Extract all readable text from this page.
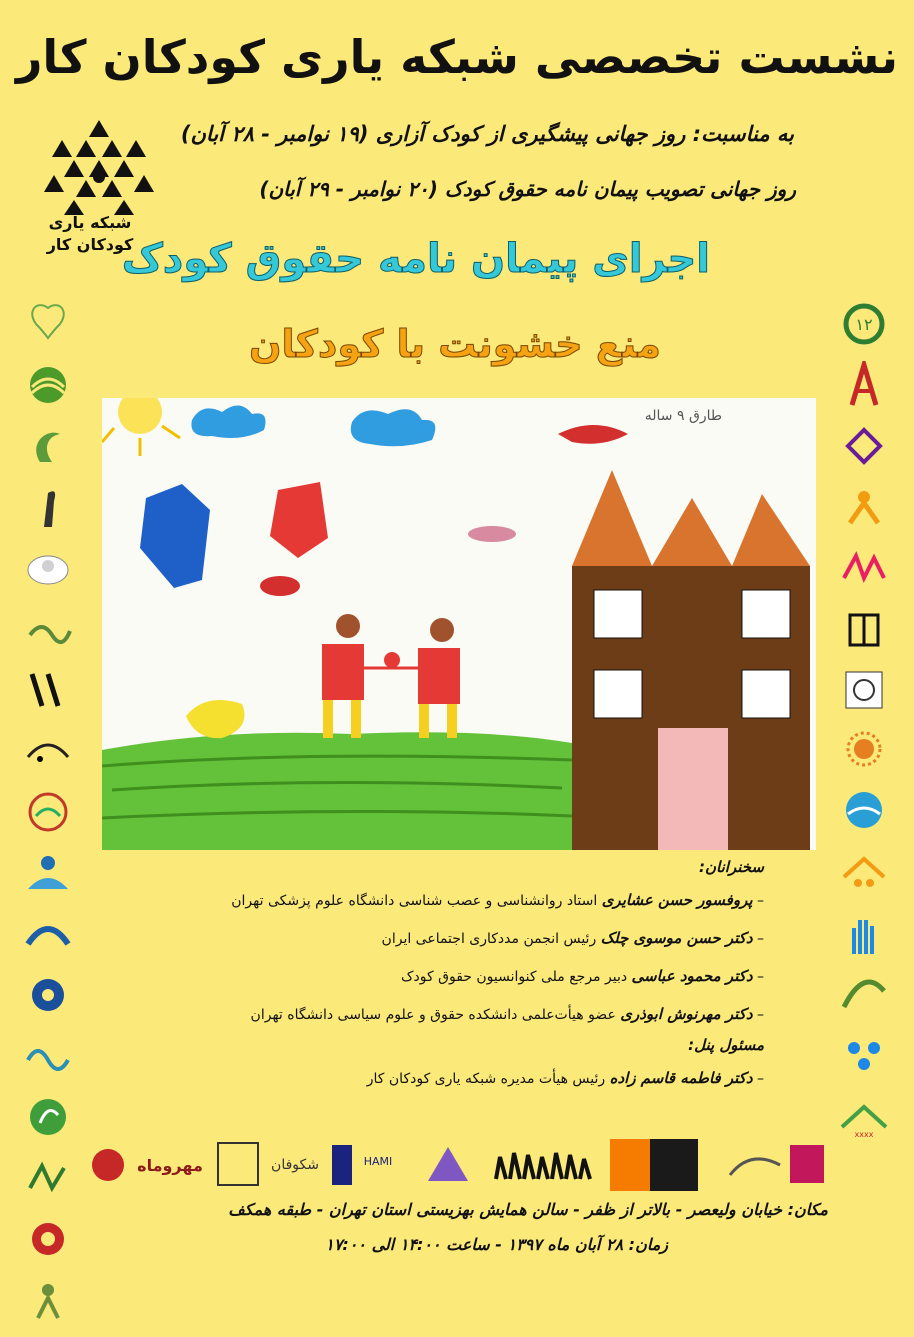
نشست تخصصی شبکه یاری کودکان کار
شبکه یاری
کودکان کار
به مناسبت: روز جهانی پیشگیری از کودک آزاری (۱۹ نوامبر - ۲۸ آبان)
روز جهانی تصویب پیمان نامه حقوق کودک (۲۰ نوامبر - ۲۹ آبان)
اجرای پیمان نامه حقوق کودک
منع خشونت با کودکان
	۱۲

xxxx
طارق ۹ ساله
سخنرانان:
– پروفسور حسن عشایری استاد روانشناسی و عصب شناسی دانشگاه علوم پزشکی تهران
– دکتر حسن موسوی چلک رئیس انجمن مددکاری اجتماعی ایران
– دکتر محمود عباسی دبیر مرجع ملی کنوانسیون حقوق کودک
– دکتر مهرنوش ابوذری عضو هیأت‌علمی دانشکده حقوق و علوم سیاسی دانشگاه تهران
مسئول پنل:
– دکتر فاطمه قاسم زاده رئیس هیأت مدیره شبکه یاری کودکان کار
مهروماه	شکوفان	HAMI
مکان: خیابان ولیعصر - بالاتر از ظفر - سالن همایش بهزیستی استان تهران - طبقه همکف
زمان: ۲۸ آبان ماه ۱۳۹۷ - ساعت ۱۴:۰۰ الی ۱۷:۰۰
